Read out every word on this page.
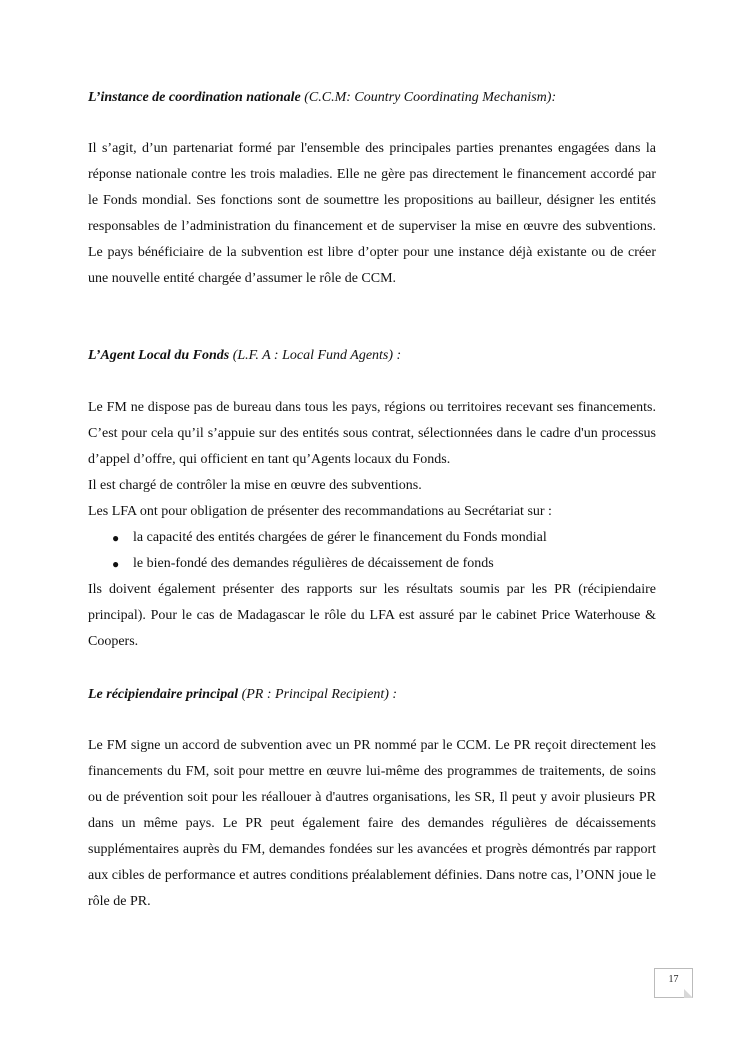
L’instance de coordination nationale (C.C.M: Country Coordinating Mechanism):

Il s’agit, d’un partenariat formé par l'ensemble des principales parties prenantes engagées dans la réponse nationale contre les trois maladies. Elle ne gère pas directement le financement accordé par le Fonds mondial. Ses fonctions sont de soumettre les propositions au bailleur, désigner les entités responsables de l’administration du financement et de superviser la mise en œuvre des subventions. Le pays bénéficiaire de la subvention est libre d’opter pour une instance déjà existante ou de créer une nouvelle entité chargée d’assumer le rôle de CCM.

L’Agent Local du Fonds (L.F. A : Local Fund Agents) :

Le FM ne dispose pas de bureau dans tous les pays, régions ou territoires recevant ses financements. C’est pour cela qu’il s’appuie sur des entités sous contrat, sélectionnées dans le cadre d'un processus d’appel d’offre, qui officient en tant qu’Agents locaux du Fonds.

Il est chargé de contrôler la mise en œuvre des subventions.

Les LFA ont pour obligation de présenter des recommandations au Secrétariat sur :

● la capacité des entités chargées de gérer le financement du Fonds mondial
● le bien-fondé des demandes régulières de décaissement de fonds

Ils doivent également présenter des rapports sur les résultats soumis par les PR (récipiendaire principal). Pour le cas de Madagascar le rôle du LFA est assuré par le cabinet Price Waterhouse & Coopers.

Le récipiendaire principal (PR : Principal Recipient) :

Le FM signe un accord de subvention avec un PR nommé par le CCM. Le PR reçoit directement les financements du FM, soit pour mettre en œuvre lui-même des programmes de traitements, de soins ou de prévention soit pour les réallouer à d'autres organisations, les SR, Il peut y avoir plusieurs PR dans un même pays. Le PR peut également faire des demandes régulières de décaissements supplémentaires auprès du FM, demandes fondées sur les avancées et progrès démontrés par rapport aux cibles de performance et autres conditions préalablement définies. Dans notre cas, l’ONN joue le rôle de PR.

17
